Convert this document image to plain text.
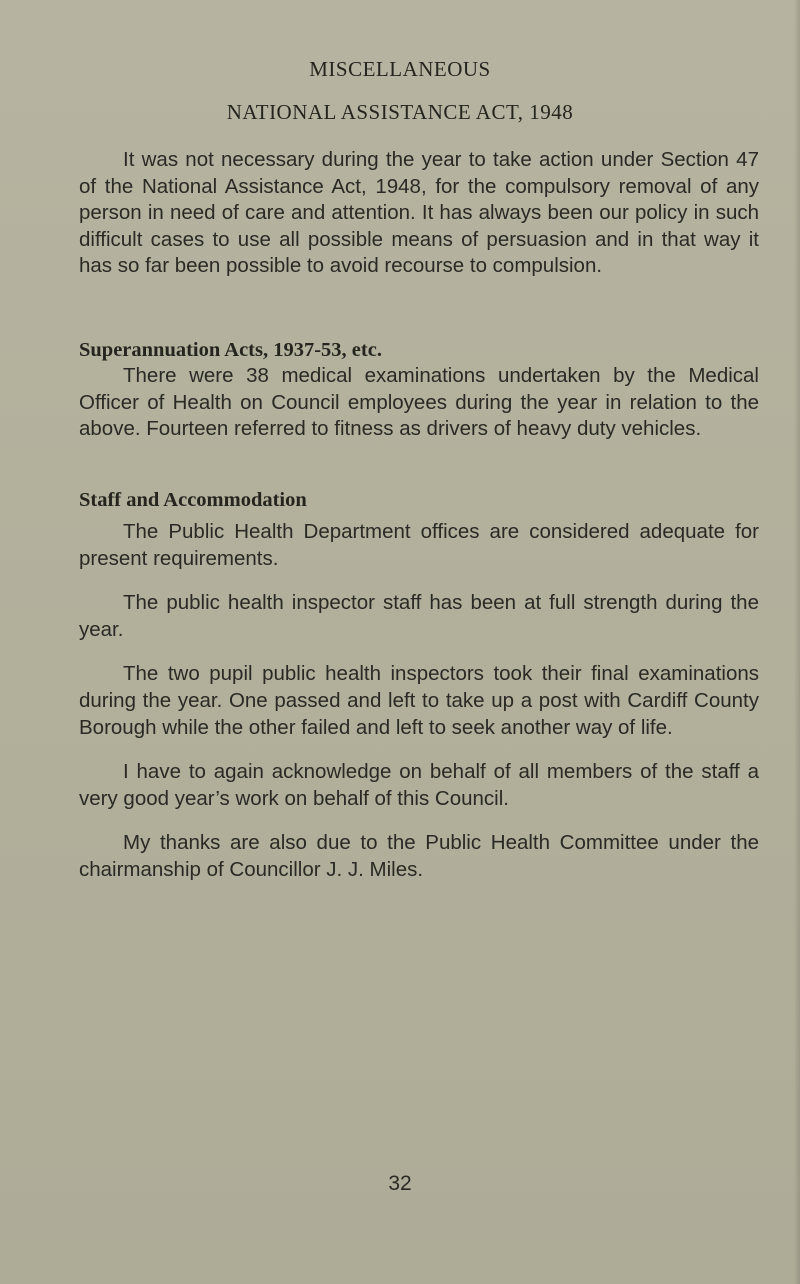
MISCELLANEOUS
NATIONAL ASSISTANCE ACT, 1948

It was not necessary during the year to take action under Section 47 of the National Assistance Act, 1948, for the compulsory removal of any person in need of care and attention. It has always been our policy in such difficult cases to use all possible means of persuasion and in that way it has so far been possible to avoid recourse to compulsion.

Superannuation Acts, 1937-53, etc.

There were 38 medical examinations undertaken by the Medical Officer of Health on Council employees during the year in relation to the above. Fourteen referred to fitness as drivers of heavy duty vehicles.

Staff and Accommodation

The Public Health Department offices are considered adequate for present requirements.

The public health inspector staff has been at full strength during the year.

The two pupil public health inspectors took their final examinations during the year. One passed and left to take up a post with Cardiff County Borough while the other failed and left to seek another way of life.

I have to again acknowledge on behalf of all members of the staff a very good year’s work on behalf of this Council.

My thanks are also due to the Public Health Committee under the chairmanship of Councillor J. J. Miles.

32
